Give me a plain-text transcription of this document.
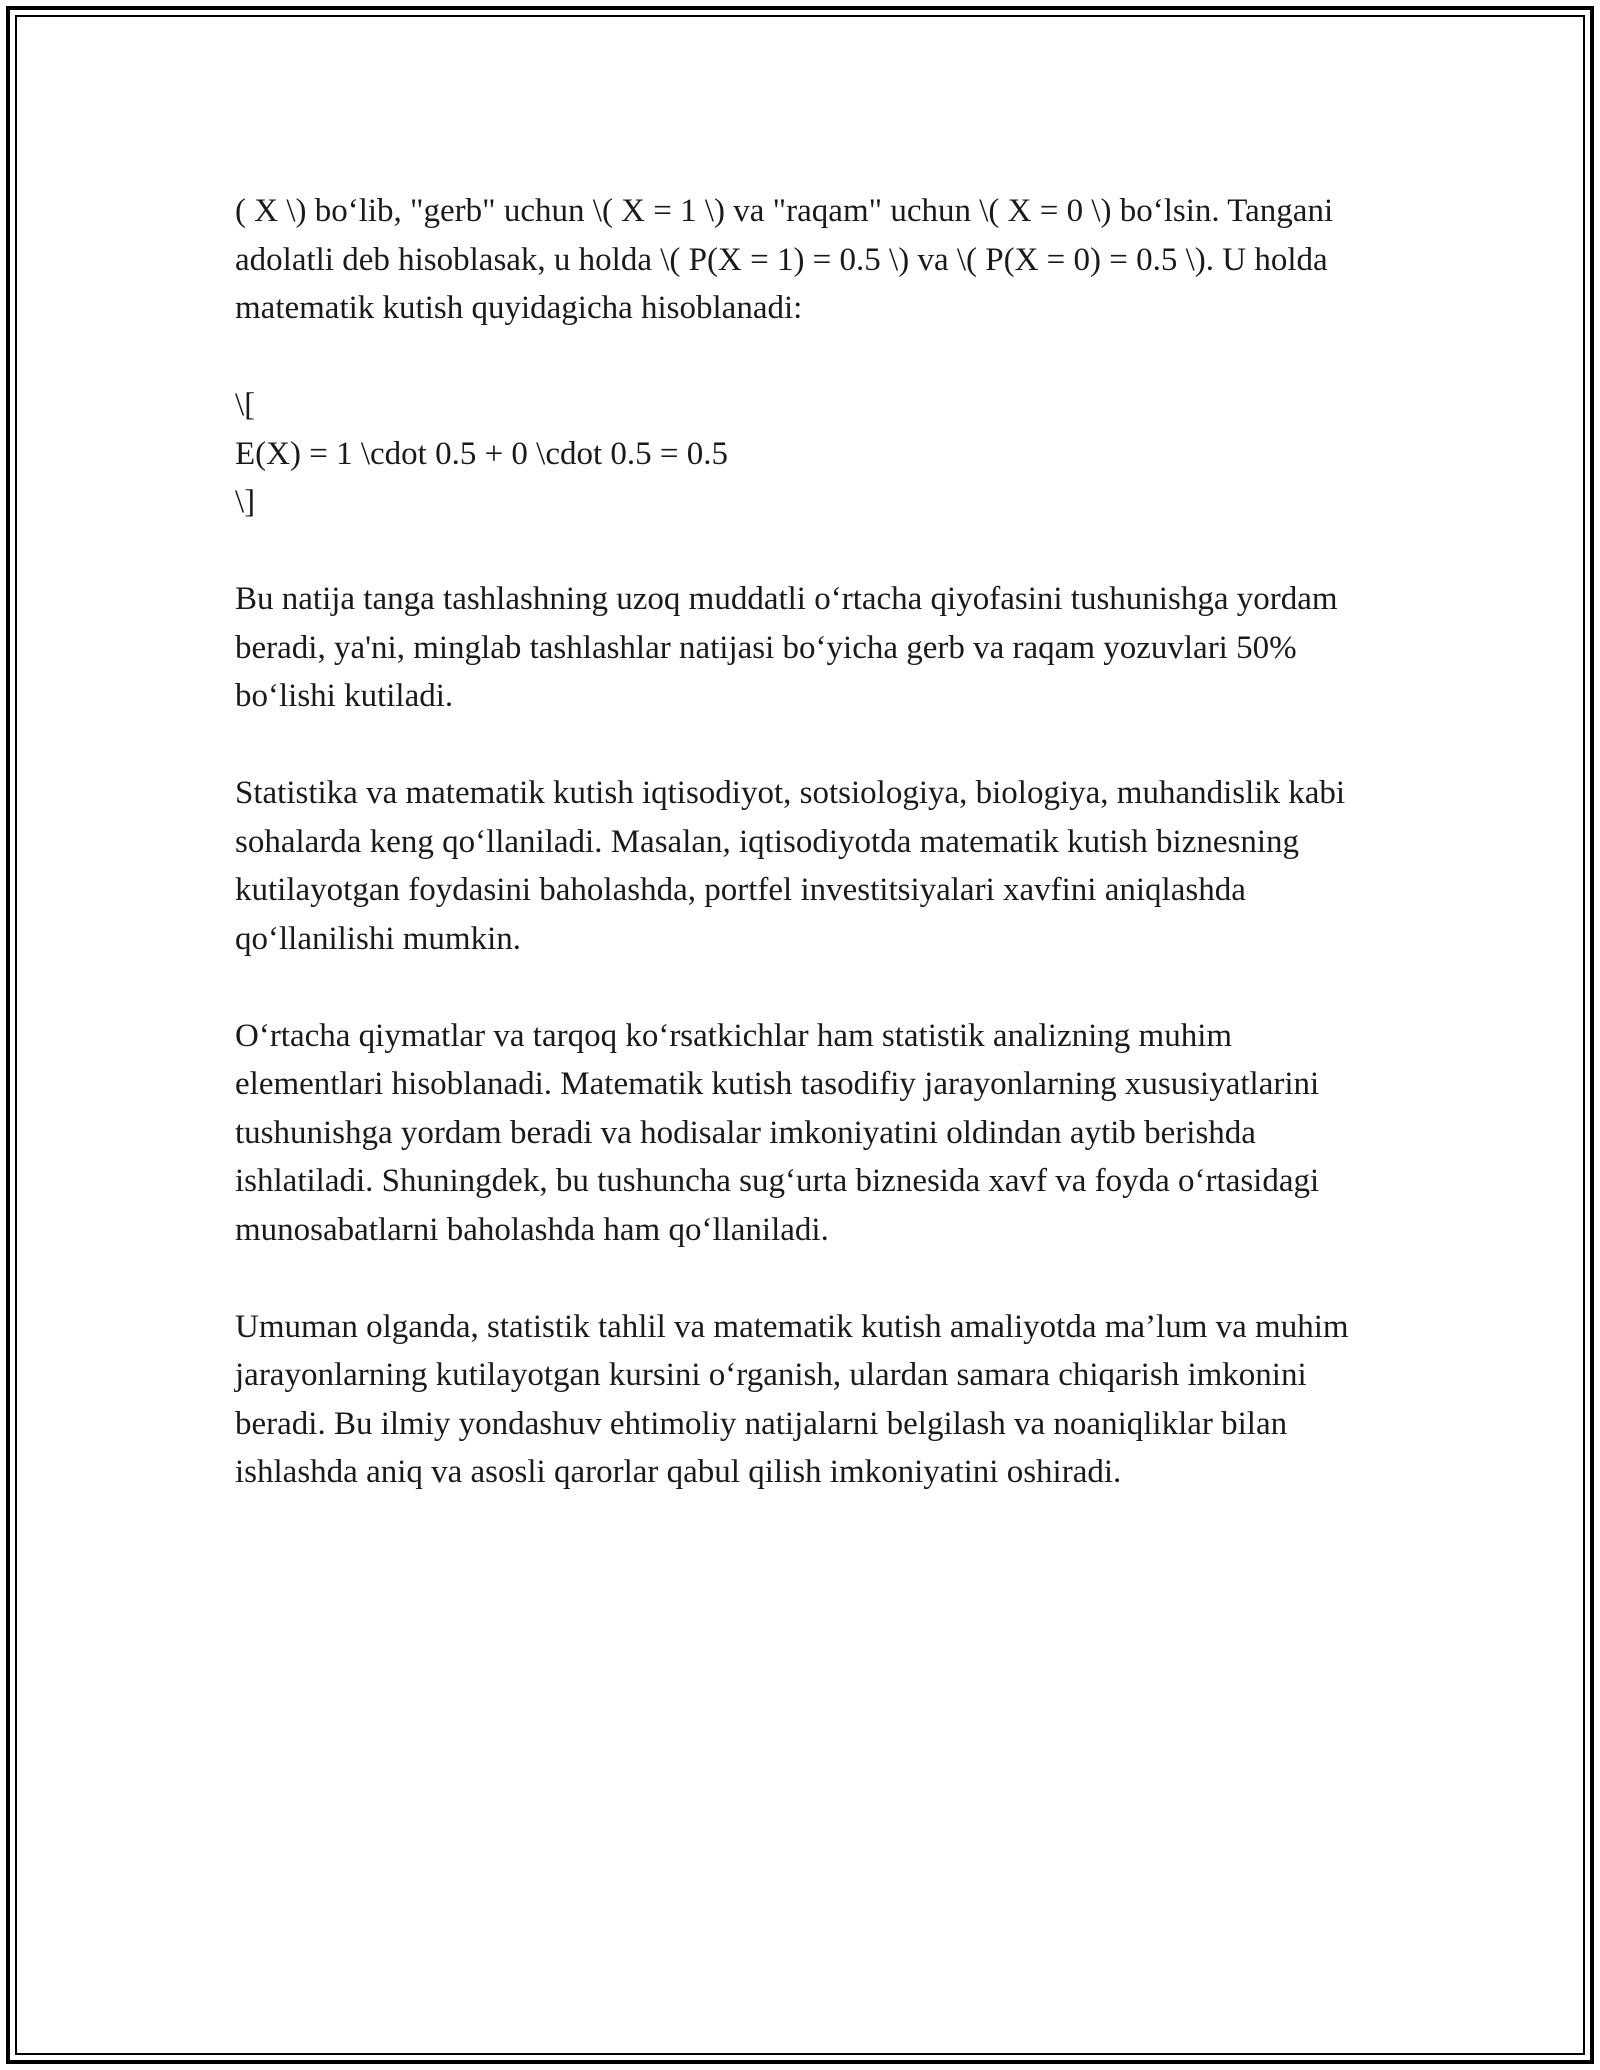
( X \) bo‘lib, "gerb" uchun \( X = 1 \) va "raqam" uchun \( X = 0 \) bo‘lsin. Tangani adolatli deb hisoblasak, u holda \( P(X = 1) = 0.5 \) va \( P(X = 0) = 0.5 \). U holda matematik kutish quyidagicha hisoblanadi:

\[
E(X) = 1 \cdot 0.5 + 0 \cdot 0.5 = 0.5
\]

Bu natija tanga tashlashning uzoq muddatli o‘rtacha qiyofasini tushunishga yordam beradi, ya'ni, minglab tashlashlar natijasi bo‘yicha gerb va raqam yozuvlari 50% bo‘lishi kutiladi.

Statistika va matematik kutish iqtisodiyot, sotsiologiya, biologiya, muhandislik kabi sohalarda keng qo‘llaniladi. Masalan, iqtisodiyotda matematik kutish biznesning kutilayotgan foydasini baholashda, portfel investitsiyalari xavfini aniqlashda qo‘llanilishi mumkin.

O‘rtacha qiymatlar va tarqoq ko‘rsatkichlar ham statistik analizning muhim elementlari hisoblanadi. Matematik kutish tasodifiy jarayonlarning xususiyatlarini tushunishga yordam beradi va hodisalar imkoniyatini oldindan aytib berishda ishlatiladi. Shuningdek, bu tushuncha sug‘urta biznesida xavf va foyda o‘rtasidagi munosabatlarni baholashda ham qo‘llaniladi.

Umuman olganda, statistik tahlil va matematik kutish amaliyotda ma’lum va muhim jarayonlarning kutilayotgan kursini o‘rganish, ulardan samara chiqarish imkonini beradi. Bu ilmiy yondashuv ehtimoliy natijalarni belgilash va noaniqliklar bilan ishlashda aniq va asosli qarorlar qabul qilish imkoniyatini oshiradi.
